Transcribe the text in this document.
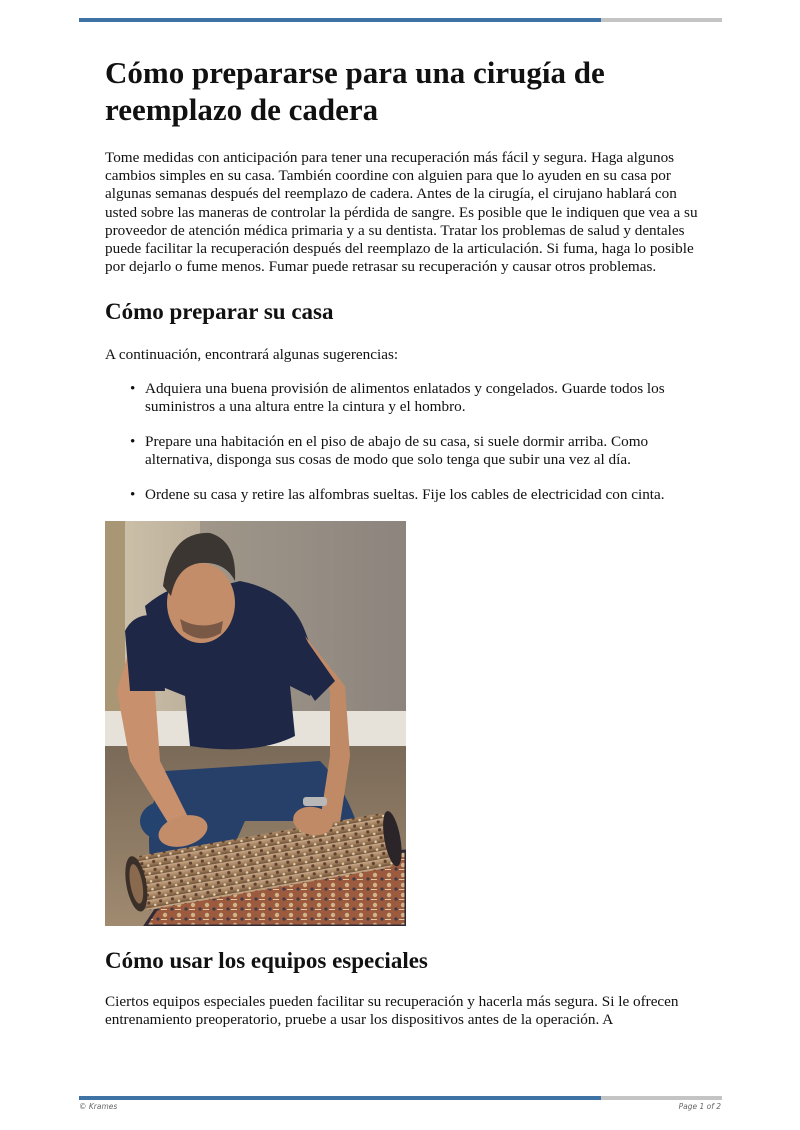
Cómo prepararse para una cirugía de reemplazo de cadera

Tome medidas con anticipación para tener una recuperación más fácil y segura. Haga algunos cambios simples en su casa. También coordine con alguien para que lo ayuden en su casa por algunas semanas después del reemplazo de cadera. Antes de la cirugía, el cirujano hablará con usted sobre las maneras de controlar la pérdida de sangre. Es posible que le indiquen que vea a su proveedor de atención médica primaria y a su dentista. Tratar los problemas de salud y dentales puede facilitar la recuperación después del reemplazo de la articulación. Si fuma, haga lo posible por dejarlo o fume menos. Fumar puede retrasar su recuperación y causar otros problemas.

Cómo preparar su casa

A continuación, encontrará algunas sugerencias:

• Adquiera una buena provisión de alimentos enlatados y congelados. Guarde todos los suministros a una altura entre la cintura y el hombro.
• Prepare una habitación en el piso de abajo de su casa, si suele dormir arriba. Como alternativa, disponga sus cosas de modo que solo tenga que subir una vez al día.
• Ordene su casa y retire las alfombras sueltas. Fije los cables de electricidad con cinta.
Cómo usar los equipos especiales

Ciertos equipos especiales pueden facilitar su recuperación y hacerla más segura. Si le ofrecen entrenamiento preoperatorio, pruebe a usar los dispositivos antes de la operación. A

© Krames	Page 1 of 2
